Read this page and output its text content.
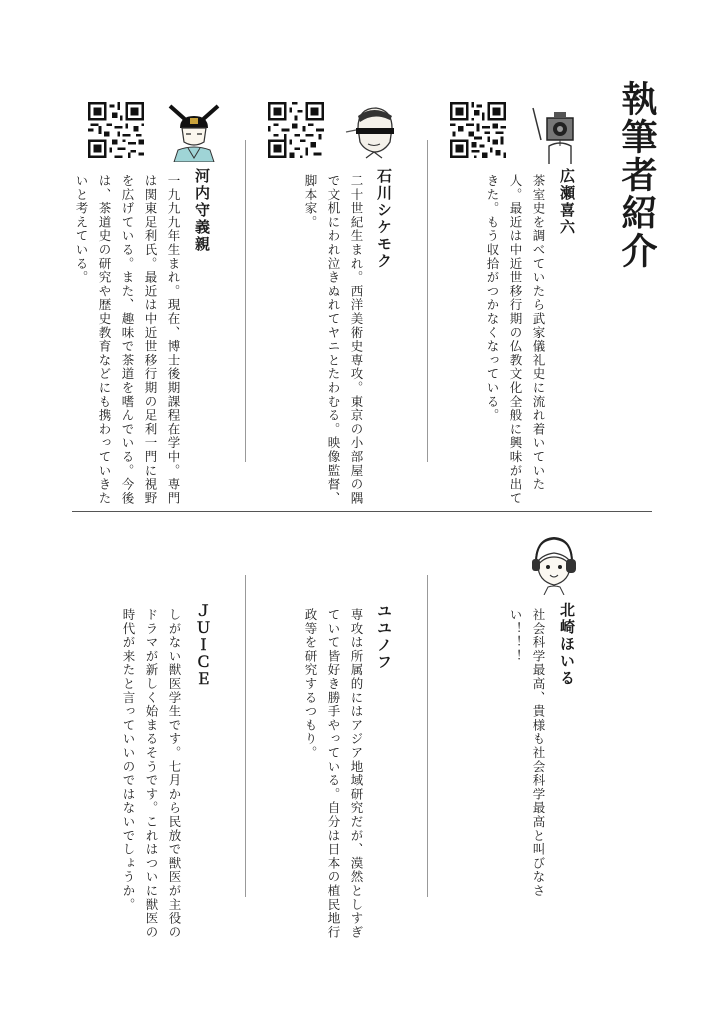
執筆者紹介
広瀬喜六
茶室史を調べていたら武家儀礼史に流れ着いていた人。最近は中近世移行期の仏教文化全般に興味が出てきた。もう収拾がつかなくなっている。
石川シケモク
二十世紀生まれ。西洋美術史専攻。東京の小部屋の隅で文机にわれ泣きぬれてヤニとたわむる。映像監督、脚本家。
河内守義親
一九九九年生まれ。現在、博士後期課程在学中。専門は関東足利氏。最近は中近世移行期の足利一門に視野を広げている。また、趣味で茶道を嗜んでいる。今後は、茶道史の研究や歴史教育などにも携わっていきたいと考えている。
北崎ほいる
社会科学最高、貴様も社会科学最高と叫びなさい！！！
ユユノフ
専攻は所属的にはアジア地域研究だが、漠然としすぎていて皆好き勝手やっている。自分は日本の植民地行政等を研究するつもり。
ＪＵＩＣＥ
しがない獣医学生です。七月から民放で獣医が主役のドラマが新しく始まるそうです。これはついに獣医の時代が来たと言っていいのではないでしょうか。
